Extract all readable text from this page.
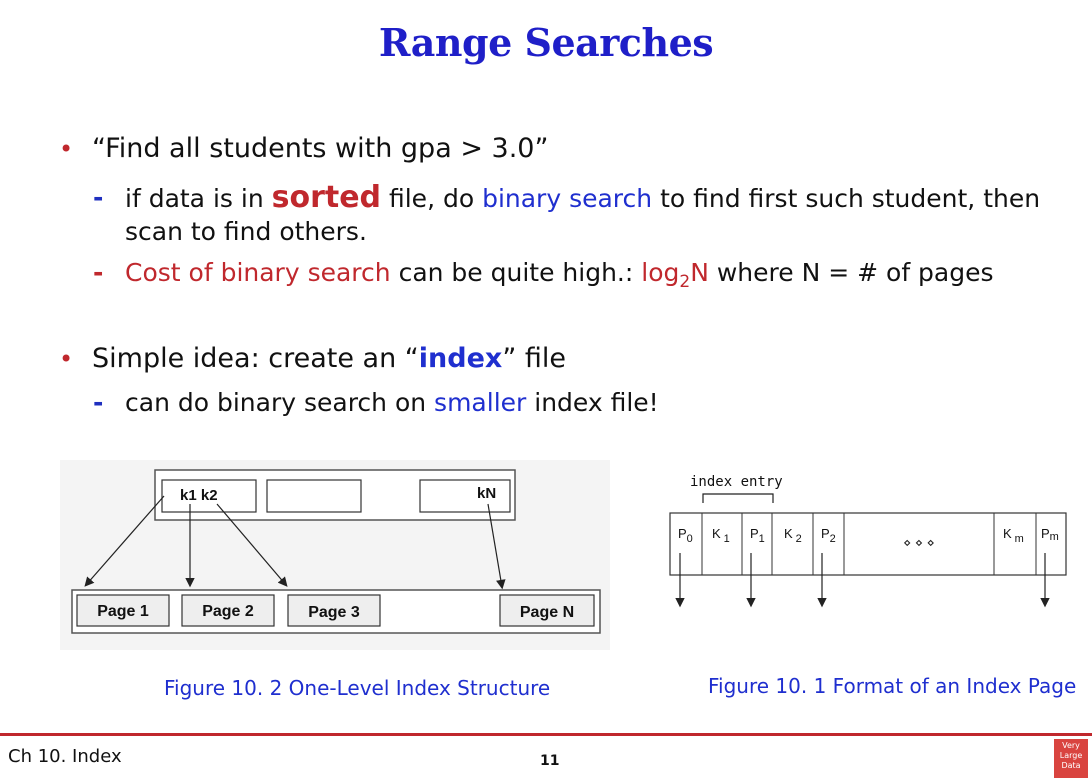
Range Searches
• “Find all students with gpa > 3.0”
- if data is in sorted file, do binary search to find first such student, then
scan to find others.
- Cost of binary search can be quite high.: $\log_2N$ where N = # of pages
• Simple idea: create an “index” file
- can do binary search on smaller index file!
k1 k2	kN
Page 1	Page 2	Page 3	Page N
Figure 10. 2 One-Level Index Structure
index entry
$P_0$ K $_1$ $P_1$ K $_2$ $P_2$	⋄ ⋄ ⋄
K $_m$ Pm
Figure 10. 1 Format of an Index Page
Ch 10. Index	11
Very Large Data
